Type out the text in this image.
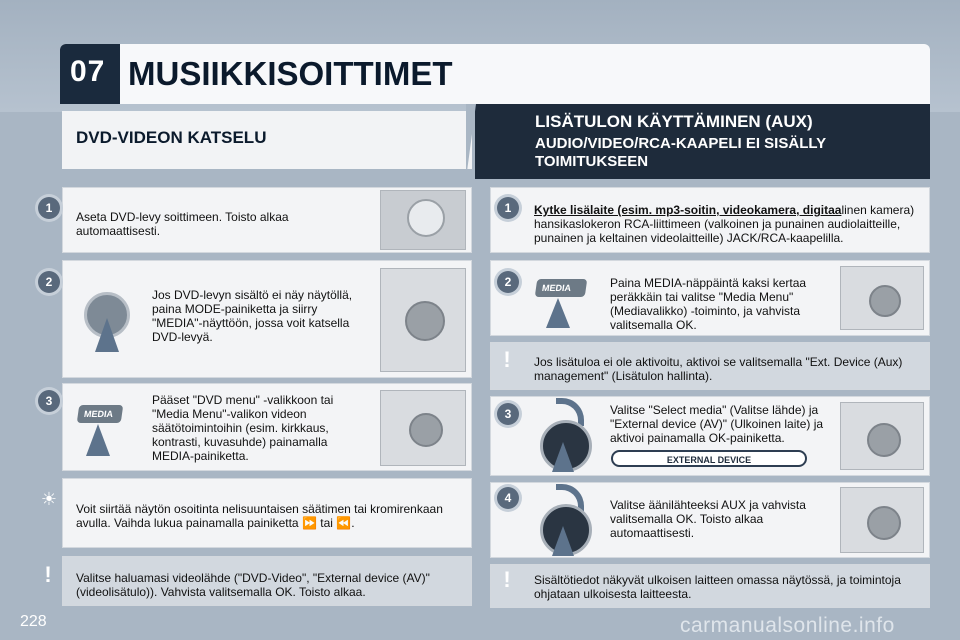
07 MUSIIKKISOITTIMET
DVD-VIDEON KATSELU
LISÄTULON KÄYTTÄMINEN (AUX)
AUDIO/VIDEO/RCA-KAAPELI EI SISÄLLY TOIMITUKSEEN
1
Aseta DVD-levy soittimeen. Toisto alkaa automaattisesti.
2
Jos DVD-levyn sisältö ei näy näytöllä, paina MODE-painiketta ja siirry "MEDIA"-näyttöön, jossa voit katsella DVD-levyä.
3
MEDIA
Pääset "DVD menu" -valikkoon tai "Media Menu"-valikon videon säätötoimintoihin (esim. kirkkaus, kontrasti, kuvasuhde) painamalla MEDIA-painiketta.
☀ Voit siirtää näytön osoitinta nelisuuntaisen säätimen tai kromirenkaan avulla. Vaihda lukua painamalla painiketta ⏩ tai ⏪.
!	Valitse haluamasi videolähde ("DVD-Video", "External device (AV)" (videolisätulo)). Vahvista valitsemalla OK. Toisto alkaa.
1	Kytke lisälaite (esim. mp3-soitin, videokamera, digitaalinen kamera) hansikaslokeron RCA-liittimeen (valkoinen ja punainen audiolaitteille, punainen ja keltainen videolaitteille) JACK/RCA-kaapelilla.
2	MEDIA	Paina MEDIA-näppäintä kaksi kertaa peräkkäin tai valitse "Media Menu" (Mediavalikko) -toiminto, ja vahvista valitsemalla OK.
!	Jos lisätuloa ei ole aktivoitu, aktivoi se valitsemalla "Ext. Device (Aux) management" (Lisätulon hallinta).
3	Valitse "Select media" (Valitse lähde) ja "External device (AV)" (Ulkoinen laite) ja aktivoi painamalla OK-painiketta.
EXTERNAL DEVICE
4	Valitse äänilähteeksi AUX ja vahvista valitsemalla OK. Toisto alkaa automaattisesti.
!	Sisältötiedot näkyvät ulkoisen laitteen omassa näytössä, ja toimintoja ohjataan ulkoisesta laitteesta.
228	carmanualsonline.info
